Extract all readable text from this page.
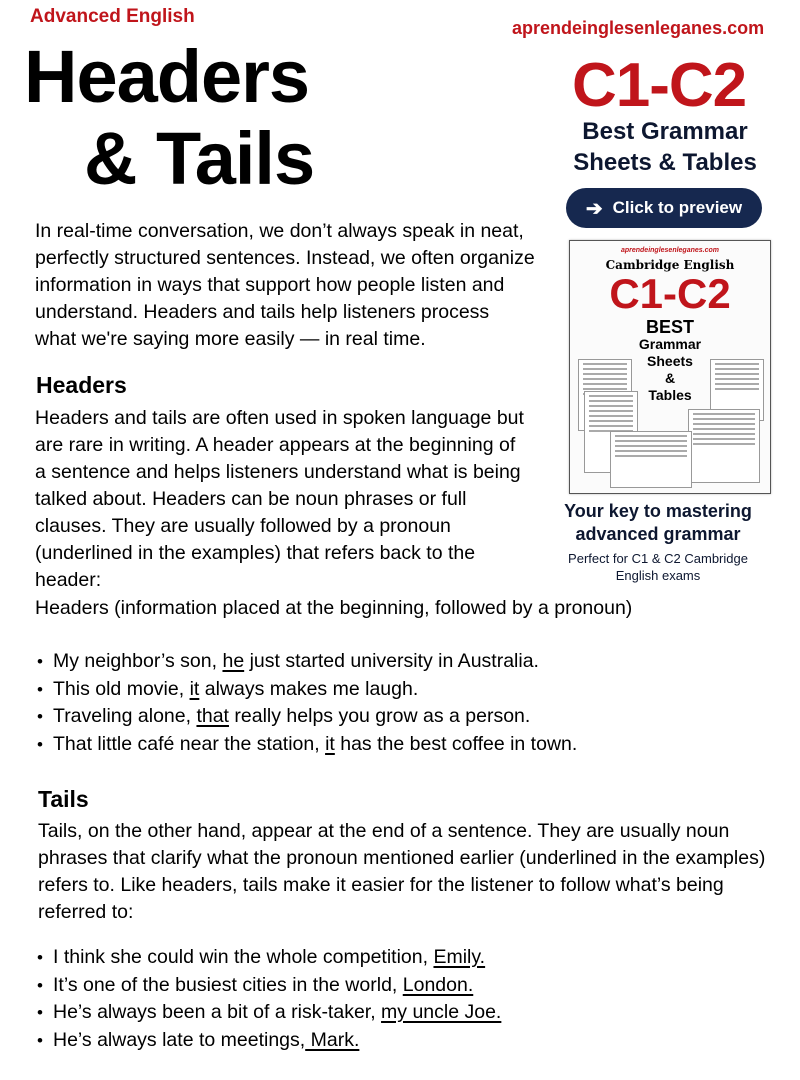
Advanced English
aprendeinglesenleganes.com
Headers
& Tails

In real-time conversation, we don’t always speak in neat, perfectly structured sentences. Instead, we often organize information in ways that support how people listen and understand. Headers and tails help listeners process what we're saying more easily — in real time.

Headers

Headers and tails are often used in spoken language but are rare in writing. A header appears at the beginning of a sentence and helps listeners understand what is being talked about. Headers can be noun phrases or full clauses. They are usually followed by a pronoun (underlined in the examples) that refers back to the header:

Headers (information placed at the beginning, followed by a pronoun)

• My neighbor’s son, he just started university in Australia.
• This old movie, it always makes me laugh.
• Traveling alone, that really helps you grow as a person.
• That little café near the station, it has the best coffee in town.
Tails

Tails, on the other hand, appear at the end of a sentence. They are usually noun phrases that clarify what the pronoun mentioned earlier (underlined in the examples) refers to. Like headers, tails make it easier for the listener to follow what’s being referred to:

• I think she could win the whole competition, Emily.
• It’s one of the busiest cities in the world, London.
• He’s always been a bit of a risk-taker, my uncle Joe.
• He’s always late to meetings, Mark.
C1-C2
Best Grammar
Sheets & Tables
➔ Click to preview
aprendeinglesenleganes.com
Cambridge English
C1-C2
BEST
Grammar
Sheets
&
Tables
Your key to mastering
advanced grammar
Perfect for C1 & C2 Cambridge
English exams
